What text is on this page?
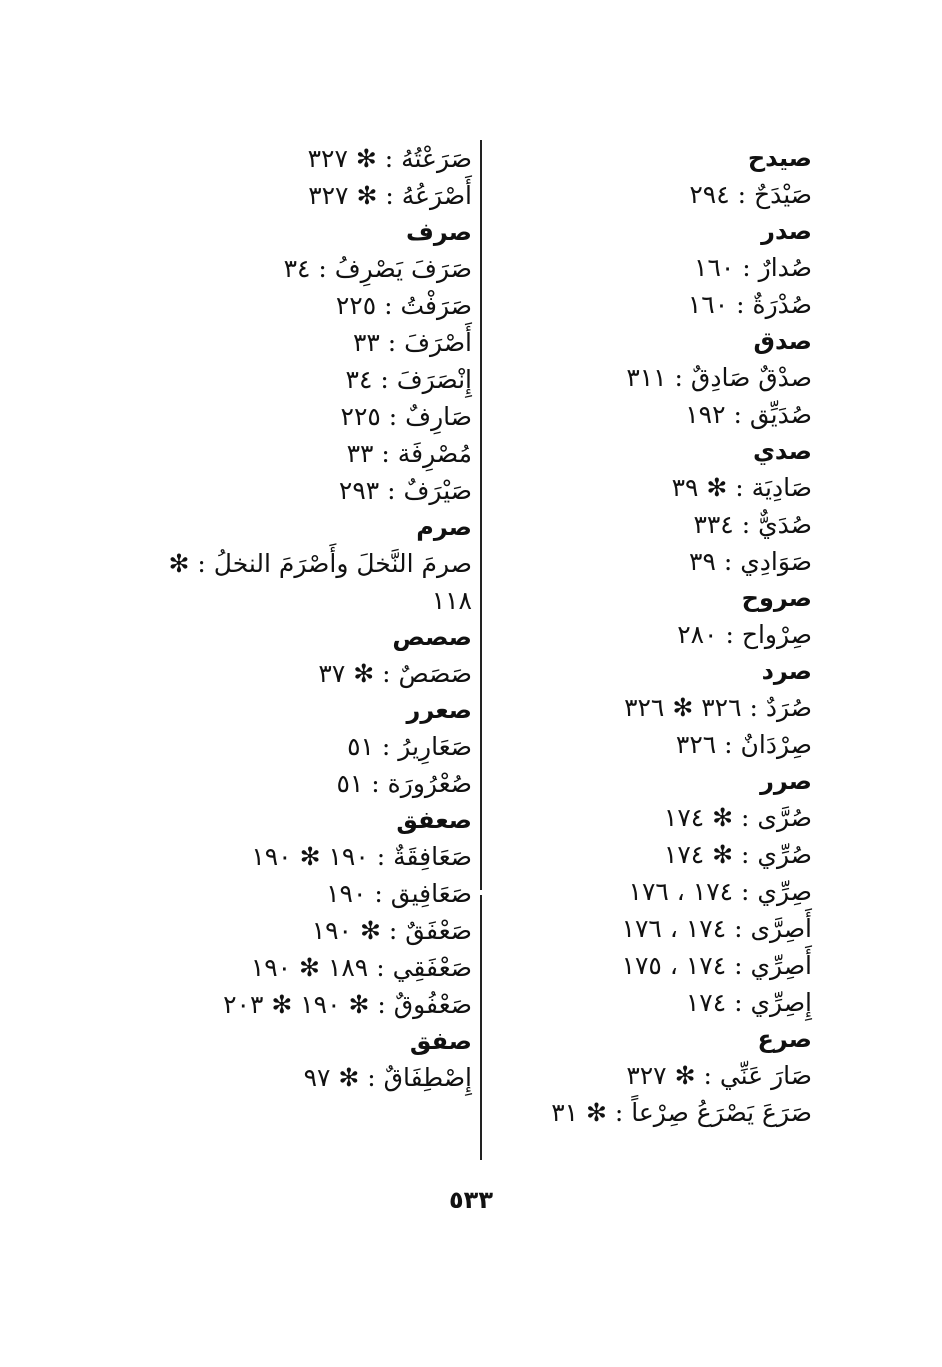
صيدح
صَيْدَحٌ : ٢٩٤
صدر
صُدارٌ : ١٦٠
صُدْرَةٌ : ١٦٠
صدق
صدْقٌ صَادِقٌ : ٣١١
صُدَيِّق : ١٩٢
صدي
صَادِيَة : ✻ ٣٩
صُدَيٌّ : ٣٣٤
صَوَادِي : ٣٩
صروح
صِرْواح : ٢٨٠
صرد
صُرَدٌ : ٣٢٦ ✻ ٣٢٦
صِرْدَانٌ : ٣٢٦
صرر
صُرَّى : ✻ ١٧٤
صُرِّي : ✻ ١٧٤
صِرِّي : ١٧٤ ، ١٧٦
أَصِرَّى : ١٧٤ ، ١٧٦
أَصِرِّي : ١٧٤ ، ١٧٥
إِصِرِّي : ١٧٤
صرع
صَارَ عَنِّي : ✻ ٣٢٧
صَرَعَ يَصْرَعُ صِرْعاً : ✻ ٣١
صَرَعْتُهُ : ✻ ٣٢٧
أَصْرَعُهُ : ✻ ٣٢٧
صرف
صَرَفَ يَصْرِفُ : ٣٤
صَرَفْتُ : ٢٢٥
أَصْرَفَ : ٣٣
إِنْصَرَفَ : ٣٤
صَارِفٌ : ٢٢٥
مُصْرِفَة : ٣٣
صَيْرَفٌ : ٢٩٣
صرم
صرمَ النَّخلَ وأَصْرَمَ النخلُ : ✻ ١١٨
صصص
صَصَصٌ : ✻ ٣٧
صعرر
صَعَارِيرُ : ٥١
صُعْرُورَة : ٥١
صعفق
صَعَافِقَةٌ : ١٩٠ ✻ ١٩٠
صَعَافِيق : ١٩٠
صَعْفَقٌ : ✻ ١٩٠
صَعْفَقِي : ١٨٩ ✻ ١٩٠
صَعْفُوقٌ : ✻ ١٩٠ ✻ ٢٠٣
صفق
إِصْطِفَاقٌ : ✻ ٩٧
٥٣٣
